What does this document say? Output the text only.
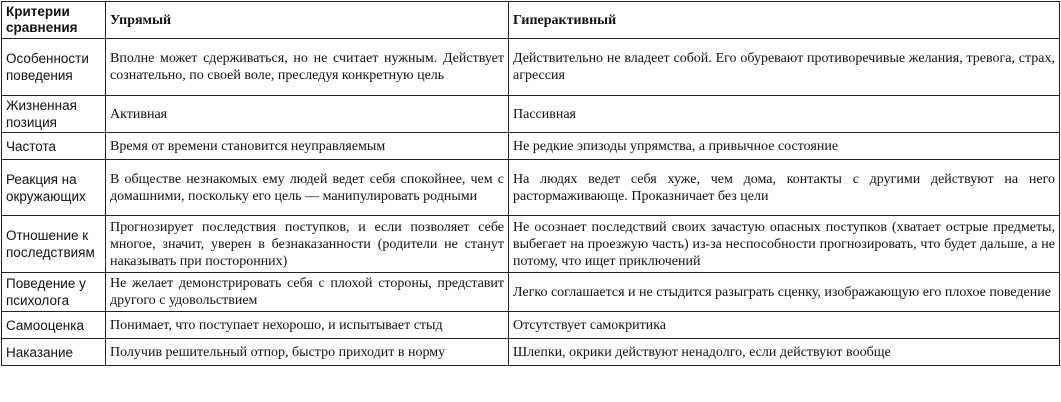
Критерии сравнения	Упрямый	Гиперактивный
Особенности поведения	Вполне может сдерживаться, но не считает нужным. Действует сознательно, по своей воле, преследуя конкретную цель	Действительно не владеет собой. Его обуревают противоречивые желания, тревога, страх, агрессия
Жизненная позиция	Активная	Пассивная
Частота	Время от времени становится неуправляемым	Не редкие эпизоды упрямства, а привычное состояние
Реакция на окружающих	В обществе незнакомых ему людей ведет себя спокойнее, чем с домашними, поскольку его цель — манипулировать родными	На людях ведет себя хуже, чем дома, контакты с другими действуют на него растормаживающе. Проказничает без цели
Отношение к последствиям	Прогнозирует последствия поступков, и если позволяет себе многое, значит, уверен в безнаказанности (родители не станут наказывать при посторонних)	Не осознает последствий своих зачастую опасных поступков (хватает острые предметы, выбегает на проезжую часть) из-за неспособности прогнозировать, что будет дальше, а не потому, что ищет приключений
Поведение у психолога	Не желает демонстрировать себя с плохой стороны, представит другого с удовольствием	Легко соглашается и не стыдится разыграть сценку, изображающую его плохое поведение
Самооценка	Понимает, что поступает нехорошо, и испытывает стыд	Отсутствует самокритика
Наказание	Получив решительный отпор, быстро приходит в норму	Шлепки, окрики действуют ненадолго, если действуют вообще
